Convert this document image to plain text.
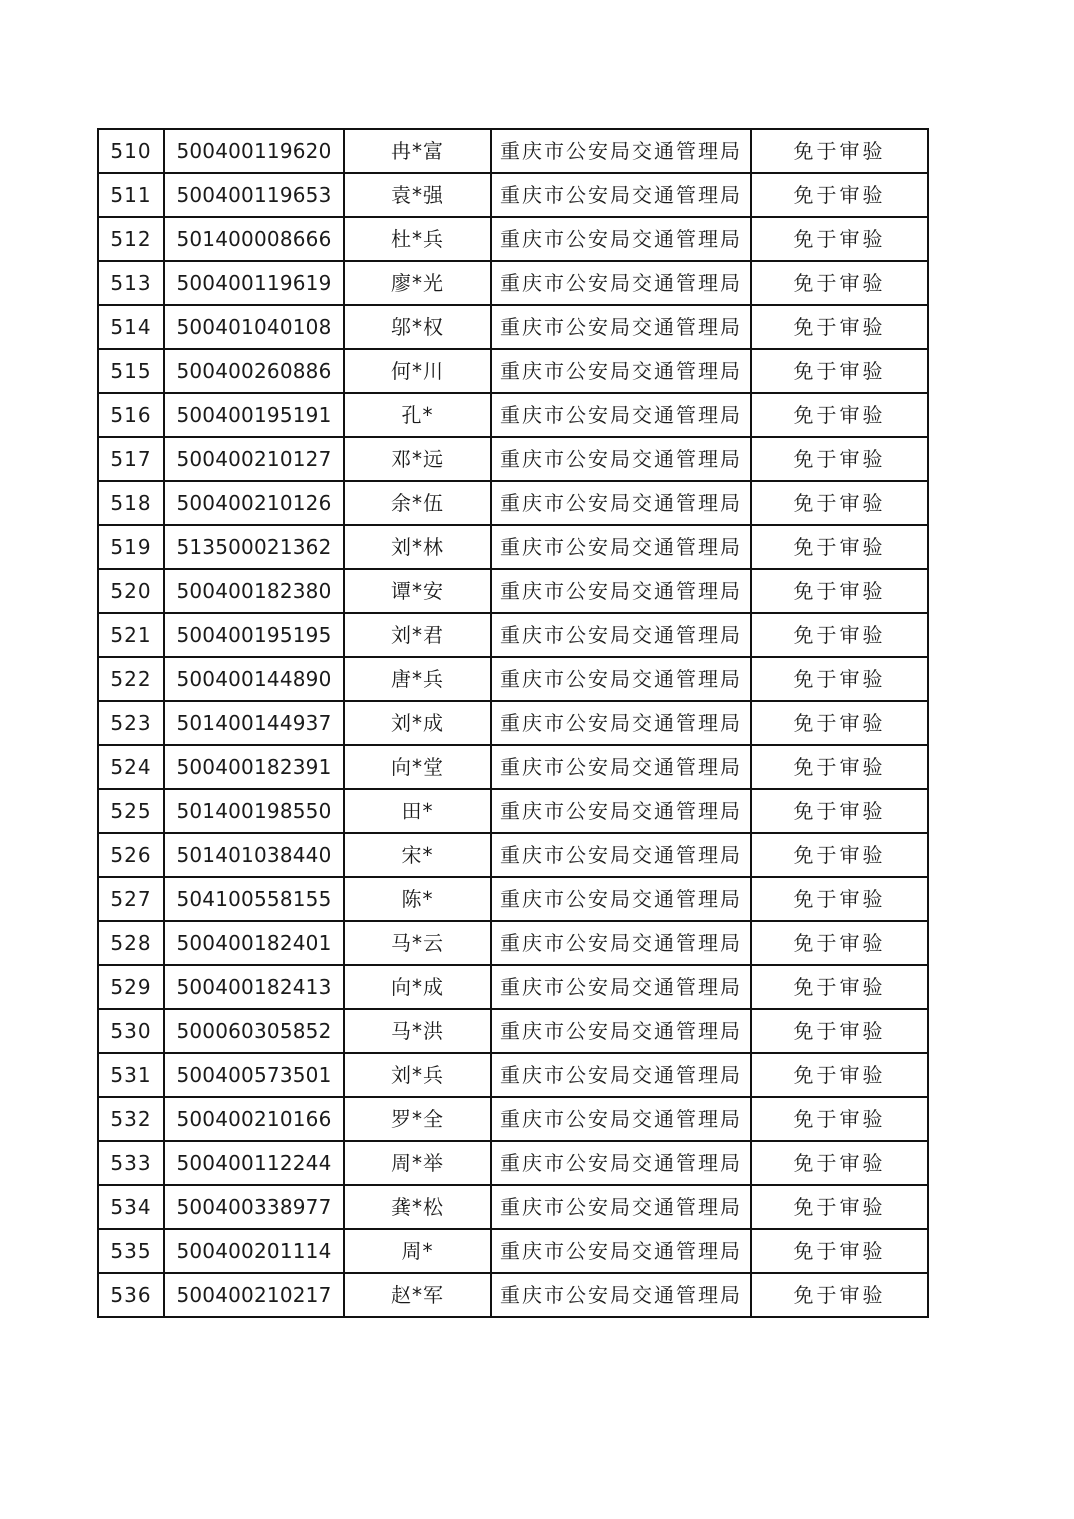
510	500400119620	冉*富	重庆市公安局交通管理局	免于审验
511	500400119653	袁*强	重庆市公安局交通管理局	免于审验
512	501400008666	杜*兵	重庆市公安局交通管理局	免于审验
513	500400119619	廖*光	重庆市公安局交通管理局	免于审验
514	500401040108	邬*权	重庆市公安局交通管理局	免于审验
515	500400260886	何*川	重庆市公安局交通管理局	免于审验
516	500400195191	孔*	重庆市公安局交通管理局	免于审验
517	500400210127	邓*远	重庆市公安局交通管理局	免于审验
518	500400210126	余*伍	重庆市公安局交通管理局	免于审验
519	513500021362	刘*林	重庆市公安局交通管理局	免于审验
520	500400182380	谭*安	重庆市公安局交通管理局	免于审验
521	500400195195	刘*君	重庆市公安局交通管理局	免于审验
522	500400144890	唐*兵	重庆市公安局交通管理局	免于审验
523	501400144937	刘*成	重庆市公安局交通管理局	免于审验
524	500400182391	向*堂	重庆市公安局交通管理局	免于审验
525	501400198550	田*	重庆市公安局交通管理局	免于审验
526	501401038440	宋*	重庆市公安局交通管理局	免于审验
527	504100558155	陈*	重庆市公安局交通管理局	免于审验
528	500400182401	马*云	重庆市公安局交通管理局	免于审验
529	500400182413	向*成	重庆市公安局交通管理局	免于审验
530	500060305852	马*洪	重庆市公安局交通管理局	免于审验
531	500400573501	刘*兵	重庆市公安局交通管理局	免于审验
532	500400210166	罗*全	重庆市公安局交通管理局	免于审验
533	500400112244	周*举	重庆市公安局交通管理局	免于审验
534	500400338977	龚*松	重庆市公安局交通管理局	免于审验
535	500400201114	周*	重庆市公安局交通管理局	免于审验
536	500400210217	赵*军	重庆市公安局交通管理局	免于审验
